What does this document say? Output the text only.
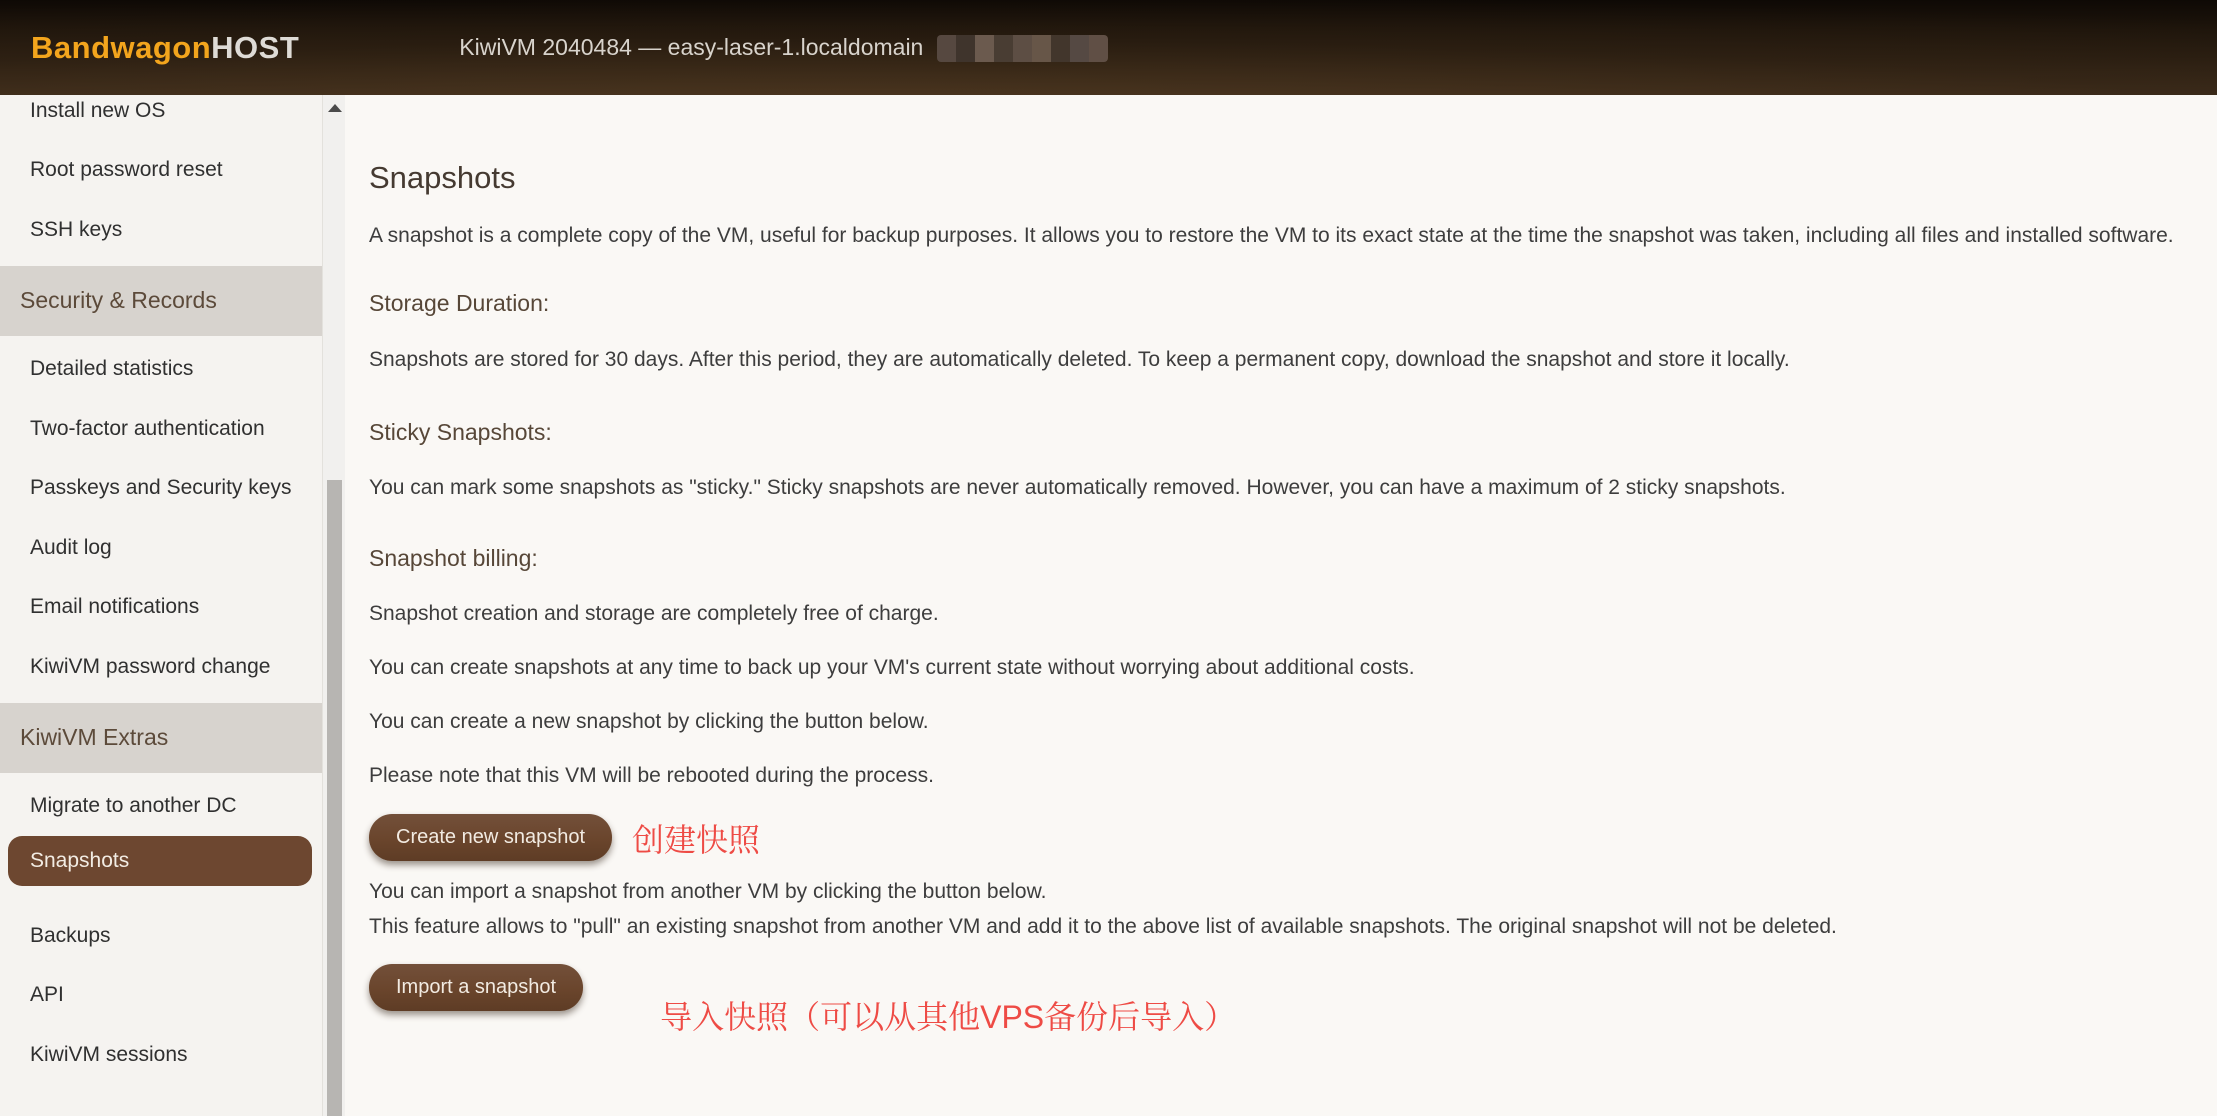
BandwagonHOST	KiwiVM 2040484 — easy-laser-1.localdomain
Install new OS
Root password reset
SSH keys
Security & Records
Detailed statistics
Two-factor authentication
Passkeys and Security keys
Audit log
Email notifications
KiwiVM password change
KiwiVM Extras
Migrate to another DC
Snapshots
Backups
API
KiwiVM sessions
Snapshots
A snapshot is a complete copy of the VM, useful for backup purposes. It allows you to restore the VM to its exact state at the time the snapshot was taken, including all files and installed software.
Storage Duration:
Snapshots are stored for 30 days. After this period, they are automatically deleted. To keep a permanent copy, download the snapshot and store it locally.
Sticky Snapshots:
You can mark some snapshots as "sticky." Sticky snapshots are never automatically removed. However, you can have a maximum of 2 sticky snapshots.
Snapshot billing:
Snapshot creation and storage are completely free of charge.
You can create snapshots at any time to back up your VM's current state without worrying about additional costs.
You can create a new snapshot by clicking the button below.
Please note that this VM will be rebooted during the process.
Create new snapshot	创建快照
You can import a snapshot from another VM by clicking the button below.
This feature allows to "pull" an existing snapshot from another VM and add it to the above list of available snapshots. The original snapshot will not be deleted.
Import a snapshot
导入快照（可以从其他VPS备份后导入）
